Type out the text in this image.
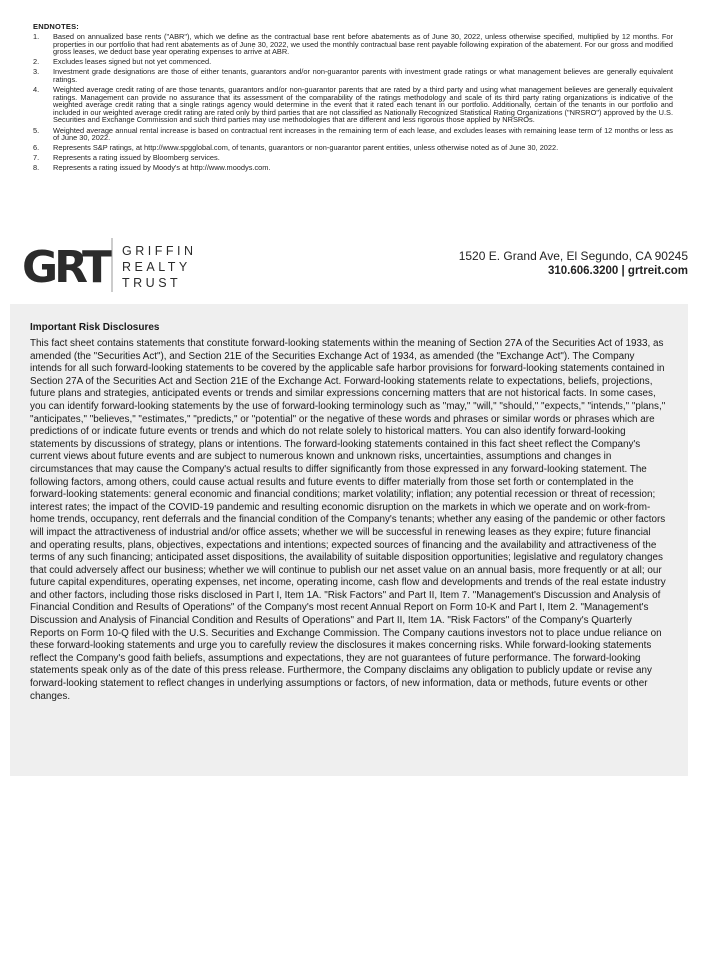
ENDNOTES:
1. Based on annualized base rents ("ABR"), which we define as the contractual base rent before abatements as of June 30, 2022, unless otherwise specified, multiplied by 12 months. For properties in our portfolio that had rent abatements as of June 30, 2022, we used the monthly contractual base rent payable following expiration of the abatement. For our gross and modified gross leases, we deduct base year operating expenses to arrive at ABR.
2. Excludes leases signed but not yet commenced.
3. Investment grade designations are those of either tenants, guarantors and/or non-guarantor parents with investment grade ratings or what management believes are generally equivalent ratings.
4. Weighted average credit rating of are those tenants, guarantors and/or non-guarantor parents that are rated by a third party and using what management believes are generally equivalent ratings. Management can provide no assurance that its assessment of the comparability of the ratings methodology and scale of its third party rating organizations is indicative of the weighted average credit rating that a single ratings agency would determine in the event that it rated each tenant in our portfolio. Additionally, certain of the tenants in our portfolio and included in our weighted average credit rating are rated only by third parties that are not classified as Nationally Recognized Statistical Rating Organizations ("NRSRO") approved by the U.S. Securities and Exchange Commission and such third parties may use methodologies that are different and less rigorous those applied by NRSROs.
5. Weighted average annual rental increase is based on contractual rent increases in the remaining term of each lease, and excludes leases with remaining lease term of 12 months or less as of June 30, 2022.
6. Represents S&P ratings, at http://www.spgglobal.com, of tenants, guarantors or non-guarantor parent entities, unless otherwise noted as of June 30, 2022.
7. Represents a rating issued by Bloomberg services.
8. Represents a rating issued by Moody's at http://www.moodys.com.
GRT	GRIFFIN
REALTY
TRUST
1520 E. Grand Ave, El Segundo, CA 90245
310.606.3200 | grtreit.com
Important Risk Disclosures

This fact sheet contains statements that constitute forward-looking statements within the meaning of Section 27A of the Securities Act of 1933, as amended (the "Securities Act"), and Section 21E of the Securities Exchange Act of 1934, as amended (the "Exchange Act"). The Company intends for all such forward-looking statements to be covered by the applicable safe harbor provisions for forward-looking statements contained in Section 27A of the Securities Act and Section 21E of the Exchange Act. Forward-looking statements relate to expectations, beliefs, projections, future plans and strategies, anticipated events or trends and similar expressions concerning matters that are not historical facts. In some cases, you can identify forward-looking statements by the use of forward-looking terminology such as "may," "will," "should," "expects," "intends," "plans," "anticipates," "believes," "estimates," "predicts," or "potential" or the negative of these words and phrases or similar words or phrases which are predictions of or indicate future events or trends and which do not relate solely to historical matters. You can also identify forward-looking statements by discussions of strategy, plans or intentions. The forward-looking statements contained in this fact sheet reflect the Company's current views about future events and are subject to numerous known and unknown risks, uncertainties, assumptions and changes in circumstances that may cause the Company's actual results to differ significantly from those expressed in any forward-looking statement. The following factors, among others, could cause actual results and future events to differ materially from those set forth or contemplated in the forward-looking statements: general economic and financial conditions; market volatility; inflation; any potential recession or threat of recession; interest rates; the impact of the COVID-19 pandemic and resulting economic disruption on the markets in which we operate and on work-from-home trends, occupancy, rent deferrals and the financial condition of the Company's tenants; whether any easing of the pandemic or other factors will impact the attractiveness of industrial and/or office assets; whether we will be successful in renewing leases as they expire; future financial and operating results, plans, objectives, expectations and intentions; expected sources of financing and the availability and attractiveness of the terms of any such financing; anticipated asset dispositions, the availability of suitable disposition opportunities; legislative and regulatory changes that could adversely affect our business; whether we will continue to publish our net asset value on an annual basis, more frequently or at all; our future capital expenditures, operating expenses, net income, operating income, cash flow and developments and trends of the real estate industry and other factors, including those risks disclosed in Part I, Item 1A. "Risk Factors" and Part II, Item 7. "Management's Discussion and Analysis of Financial Condition and Results of Operations" of the Company's most recent Annual Report on Form 10-K and Part I, Item 2. "Management's Discussion and Analysis of Financial Condition and Results of Operations" and Part II, Item 1A. "Risk Factors" of the Company's Quarterly Reports on Form 10-Q filed with the U.S. Securities and Exchange Commission. The Company cautions investors not to place undue reliance on these forward-looking statements and urge you to carefully review the disclosures it makes concerning risks. While forward-looking statements reflect the Company's good faith beliefs, assumptions and expectations, they are not guarantees of future performance. The forward-looking statements speak only as of the date of this press release. Furthermore, the Company disclaims any obligation to publicly update or revise any forward-looking statement to reflect changes in underlying assumptions or factors, of new information, data or methods, future events or other changes.
